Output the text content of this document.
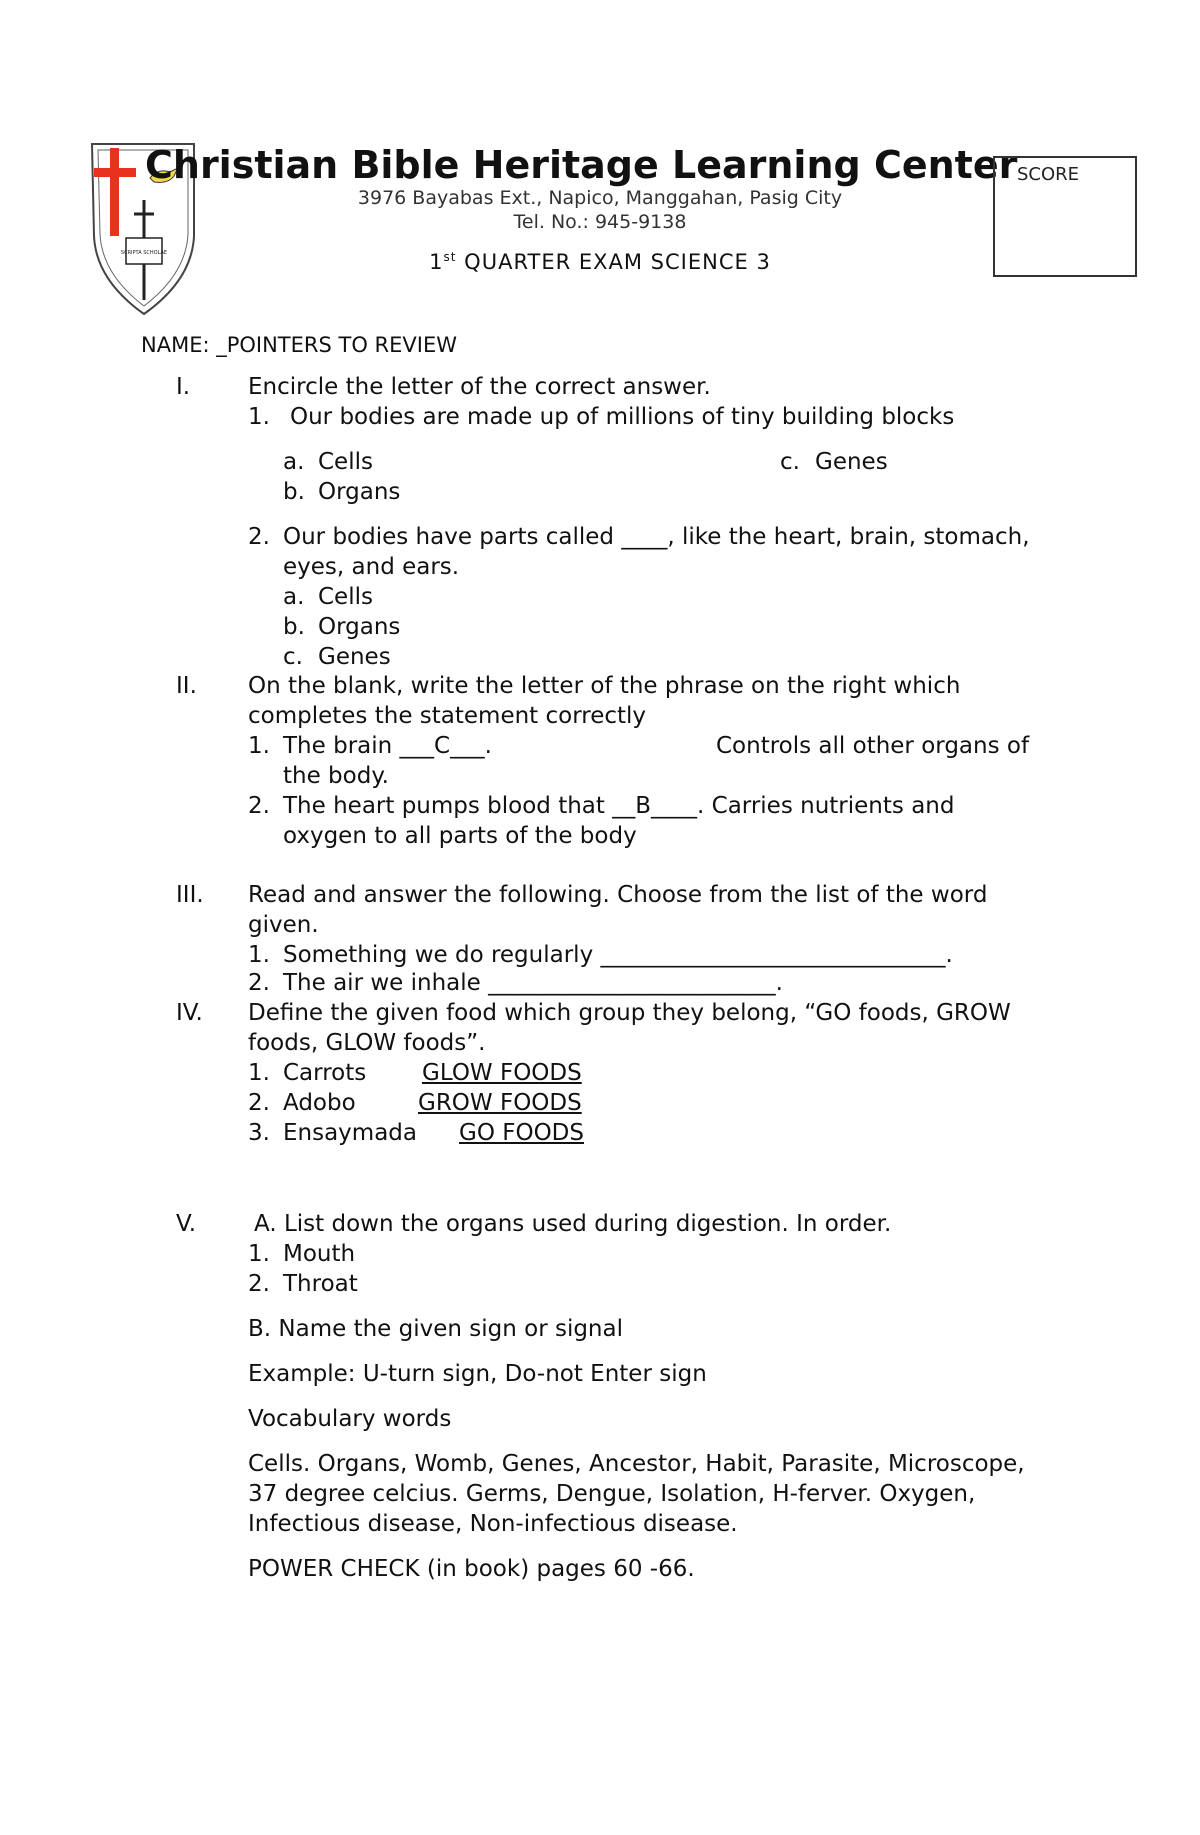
SCRIPTA SCHOLAE
Christian Bible Heritage Learning Center
3976 Bayabas Ext., Napico, Manggahan, Pasig City
Tel. No.: 945-9138
1st QUARTER EXAM SCIENCE 3
SCORE
NAME: _POINTERS TO REVIEW
I.	Encircle the letter of the correct answer.
1. Our bodies are made up of millions of tiny building blocks
a. Cells	c. Genes
b. Organs
2. Our bodies have parts called ____, like the heart, brain, stomach,
eyes, and ears.
a. Cells
b. Organs
c. Genes
II. On the blank, write the letter of the phrase on the right which
completes the statement correctly
1. The brain ___C___.	Controls all other organs of
the body.
2. The heart pumps blood that __B____. Carries nutrients and
oxygen to all parts of the body
III. Read and answer the following. Choose from the list of the word
given.
1. Something we do regularly ______________________________.
2. The air we inhale _________________________.
IV. Define the given food which group they belong, “GO foods, GROW
foods, GLOW foods”.
1. Carrots GLOW FOODS
2. Adobo	GROW FOODS
3. Ensaymada GO FOODS
V.	A. List down the organs used during digestion. In order.
1. Mouth
2. Throat
B. Name the given sign or signal
Example: U-turn sign, Do-not Enter sign
Vocabulary words
Cells. Organs, Womb, Genes, Ancestor, Habit, Parasite, Microscope,
37 degree celcius. Germs, Dengue, Isolation, H-ferver. Oxygen,
Infectious disease, Non-infectious disease.
POWER CHECK (in book) pages 60 -66.
